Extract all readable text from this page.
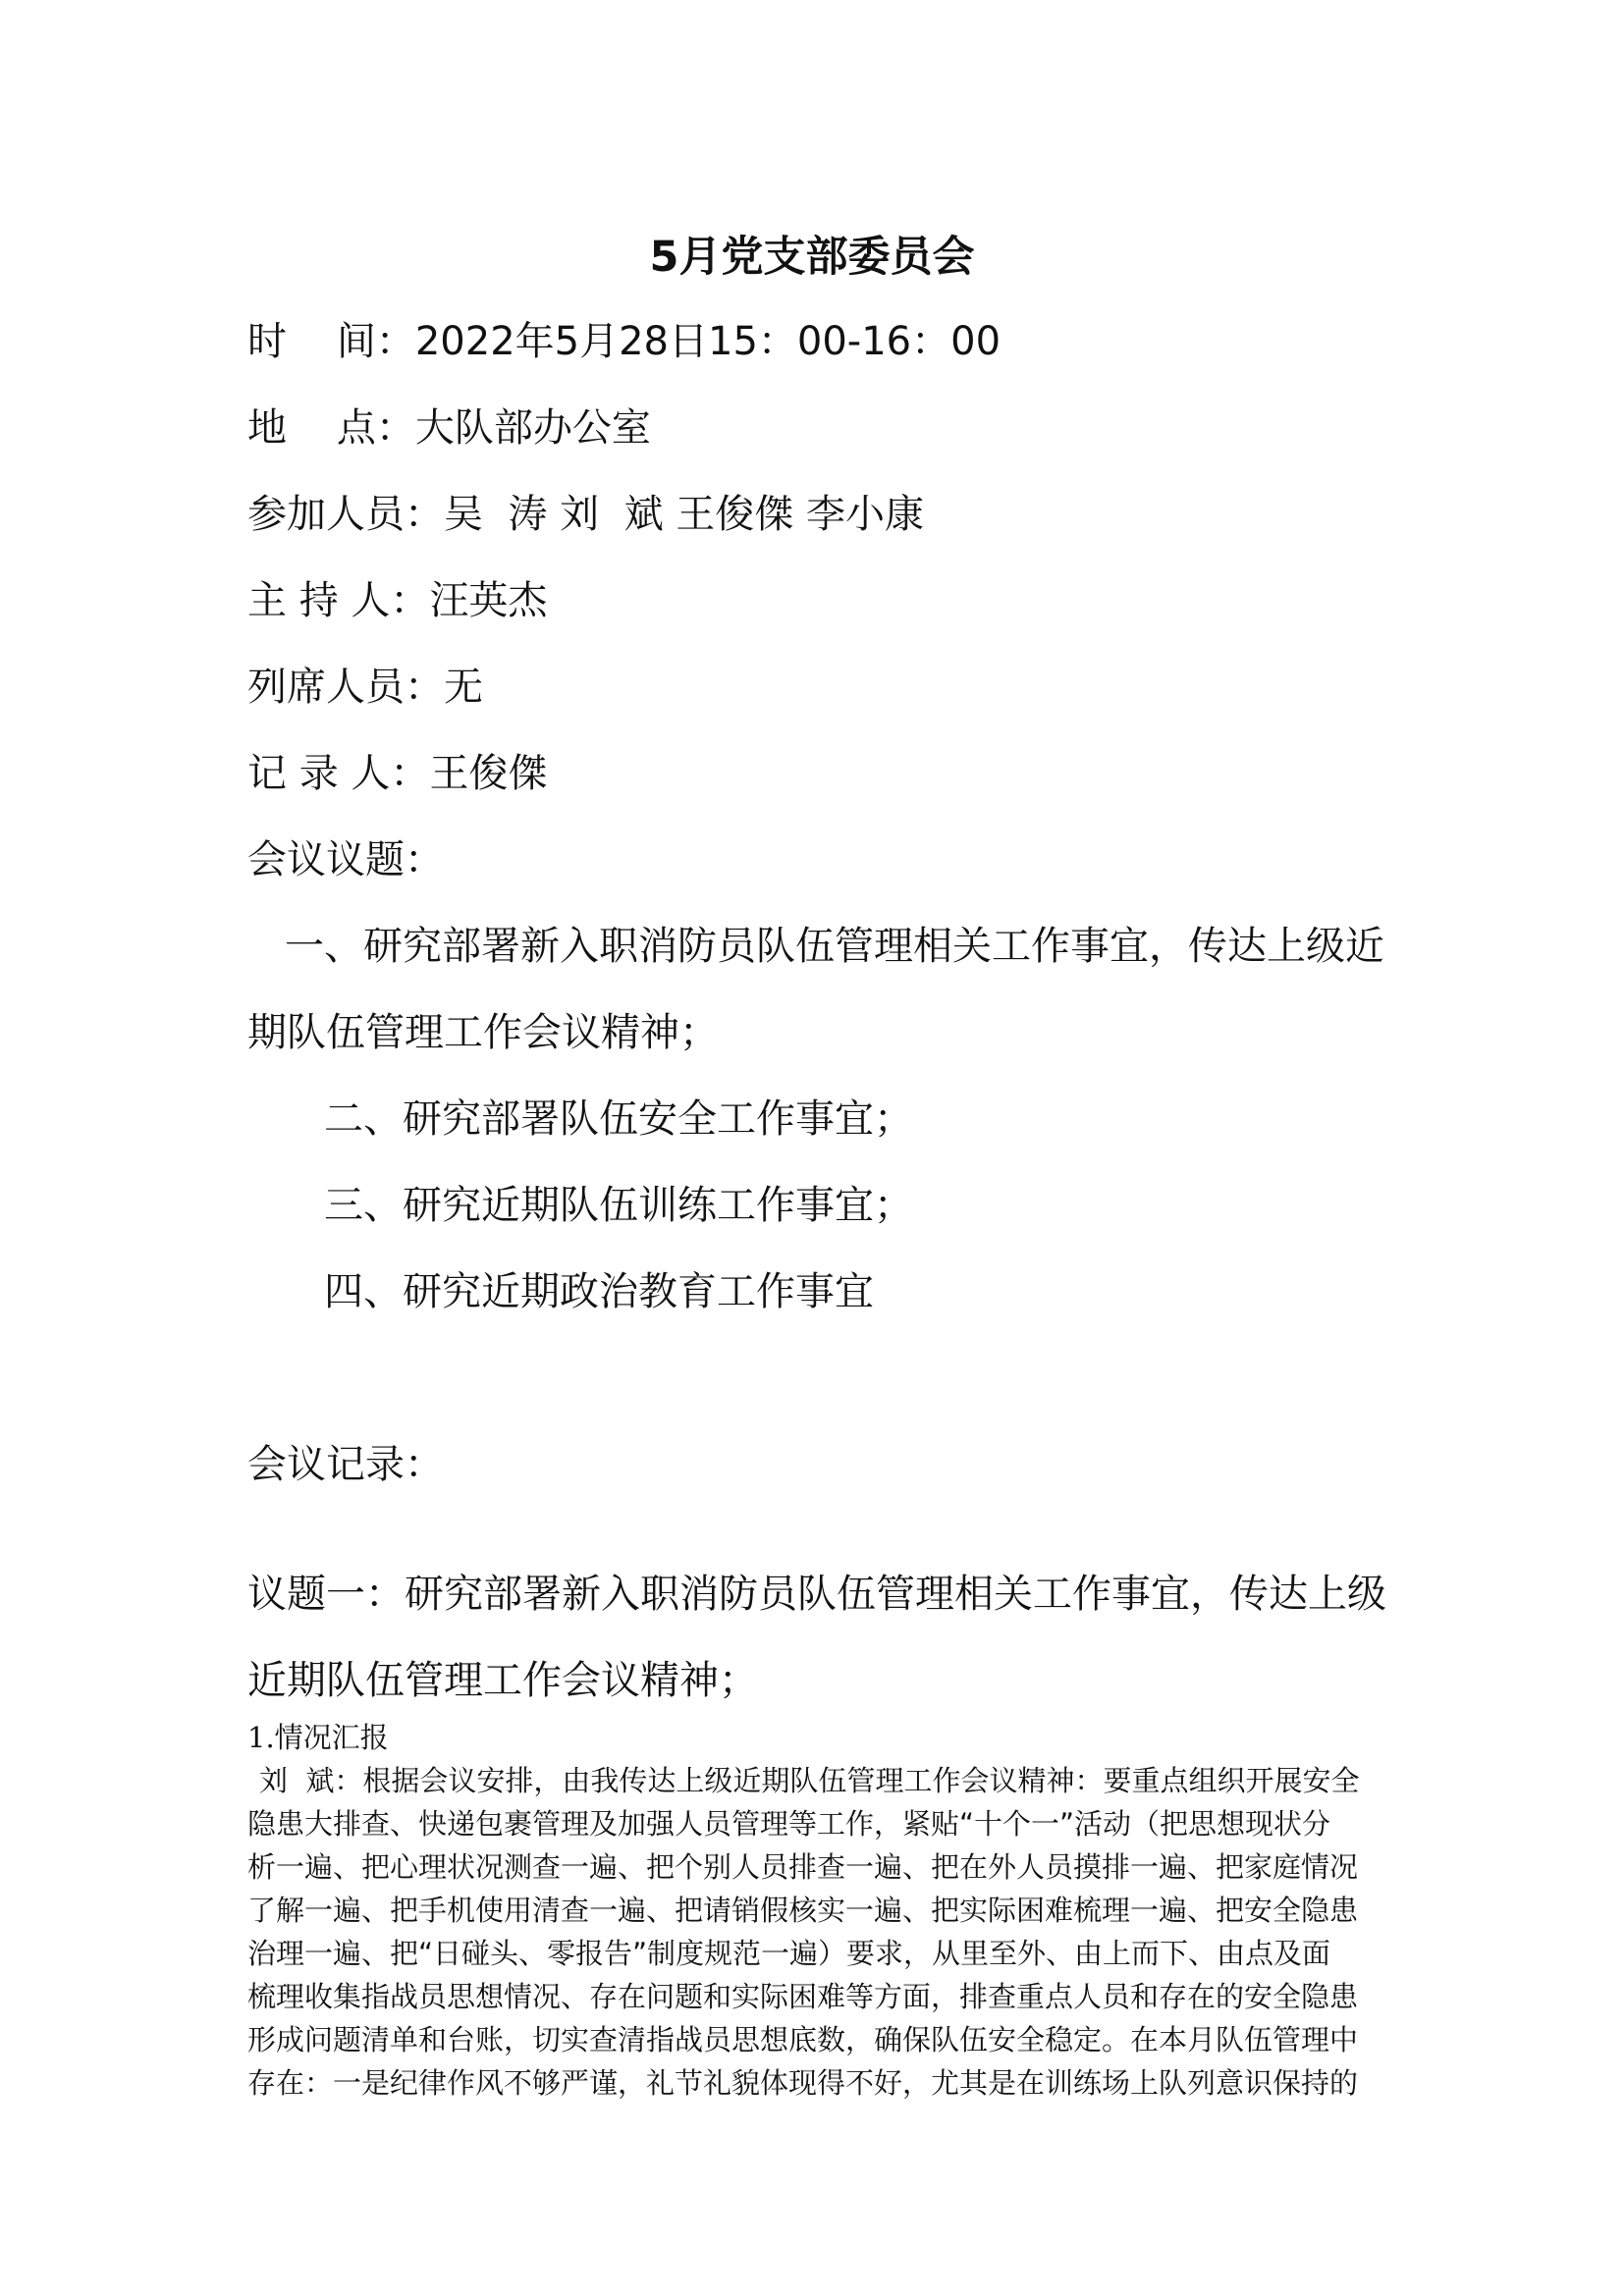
5月党支部委员会
时    间：2022年5月28日15：00-16：00
地    点：大队部办公室
参加人员：吴  涛 刘  斌 王俊傑 李小康
主 持 人：汪英杰
列席人员：无
记 录 人：王俊傑
会议议题：
一、研究部署新入职消防员队伍管理相关工作事宜，传达上级近
期队伍管理工作会议精神；
二、研究部署队伍安全工作事宜；
三、研究近期队伍训练工作事宜；
四、研究近期政治教育工作事宜
会议记录：
议题一：研究部署新入职消防员队伍管理相关工作事宜，传达上级
近期队伍管理工作会议精神；
1.情况汇报
刘  斌：根据会议安排，由我传达上级近期队伍管理工作会议精神：要重点组织开展安全
隐患大排查、快递包裹管理及加强人员管理等工作，紧贴“十个一”活动（把思想现状分
析一遍、把心理状况测查一遍、把个别人员排查一遍、把在外人员摸排一遍、把家庭情况
了解一遍、把手机使用清查一遍、把请销假核实一遍、把实际困难梳理一遍、把安全隐患
治理一遍、把“日碰头、零报告”制度规范一遍）要求，从里至外、由上而下、由点及面
梳理收集指战员思想情况、存在问题和实际困难等方面，排查重点人员和存在的安全隐患
形成问题清单和台账，切实查清指战员思想底数，确保队伍安全稳定。在本月队伍管理中
存在：一是纪律作风不够严谨，礼节礼貌体现得不好，尤其是在训练场上队列意识保持的
